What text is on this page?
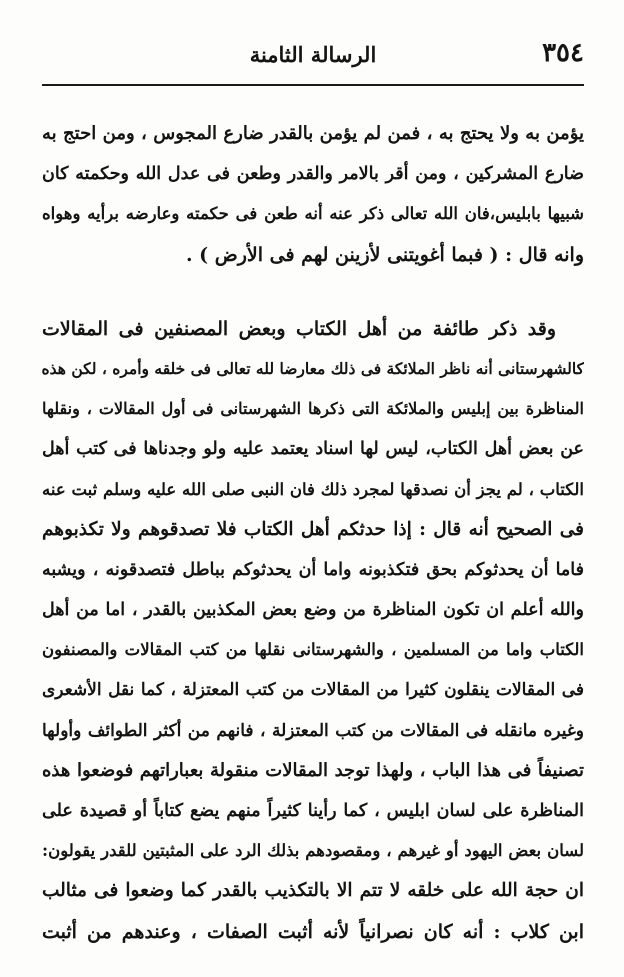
٣٥٤
الرسالة الثامنة
يؤمن به ولا يحتج به ، فمن لم يؤمن بالقدر ضارع المجوس ، ومن احتج به
ضارع المشركين ، ومن أقر بالامر والقدر وطعن فى عدل الله وحكمته كان
شبيها بابليس،فان الله تعالى ذكر عنه أنه طعن فى حكمته وعارضه برأيه وهواه
وانه قال : ( فبما أغويتنى لأزينن لهم فى الأرض ) .
وقد ذكر طائفة من أهل الكتاب وبعض المصنفين فى المقالات
كالشهرستانى أنه ناظر الملائكة فى ذلك معارضا لله تعالى فى خلقه وأمره ، لكن هذه
المناظرة بين إبليس والملائكة التى ذكرها الشهرستانى فى أول المقالات ، ونقلها
عن بعض أهل الكتاب، ليس لها اسناد يعتمد عليه ولو وجدناها فى كتب أهل
الكتاب ، لم يجز أن نصدقها لمجرد ذلك فان النبى صلى الله عليه وسلم ثبت عنه
فى الصحيح أنه قال : إذا حدثكم أهل الكتاب فلا تصدقوهم ولا تكذبوهم
فاما أن يحدثوكم بحق فتكذبونه واما أن يحدثوكم بباطل فتصدقونه ، ويشبه
والله أعلم ان تكون المناظرة من وضع بعض المكذبين بالقدر ، اما من أهل
الكتاب واما من المسلمين ، والشهرستانى نقلها من كتب المقالات والمصنفون
فى المقالات ينقلون كثيرا من المقالات من كتب المعتزلة ، كما نقل الأشعرى
وغيره مانقله فى المقالات من كتب المعتزلة ، فانهم من أكثر الطوائف وأولها
تصنيفاً فى هذا الباب ، ولهذا توجد المقالات منقولة بعباراتهم فوضعوا هذه
المناظرة على لسان ابليس ، كما رأينا كثيراً منهم يضع كتاباً أو قصيدة على
لسان بعض اليهود أو غيرهم ، ومقصودهم بذلك الرد على المثبتين للقدر يقولون:
ان حجة الله على خلقه لا تتم الا بالتكذيب بالقدر كما وضعوا فى مثالب
ابن كلاب : أنه كان نصرانياً لأنه أثبت الصفات ، وعندهم من أثبت
